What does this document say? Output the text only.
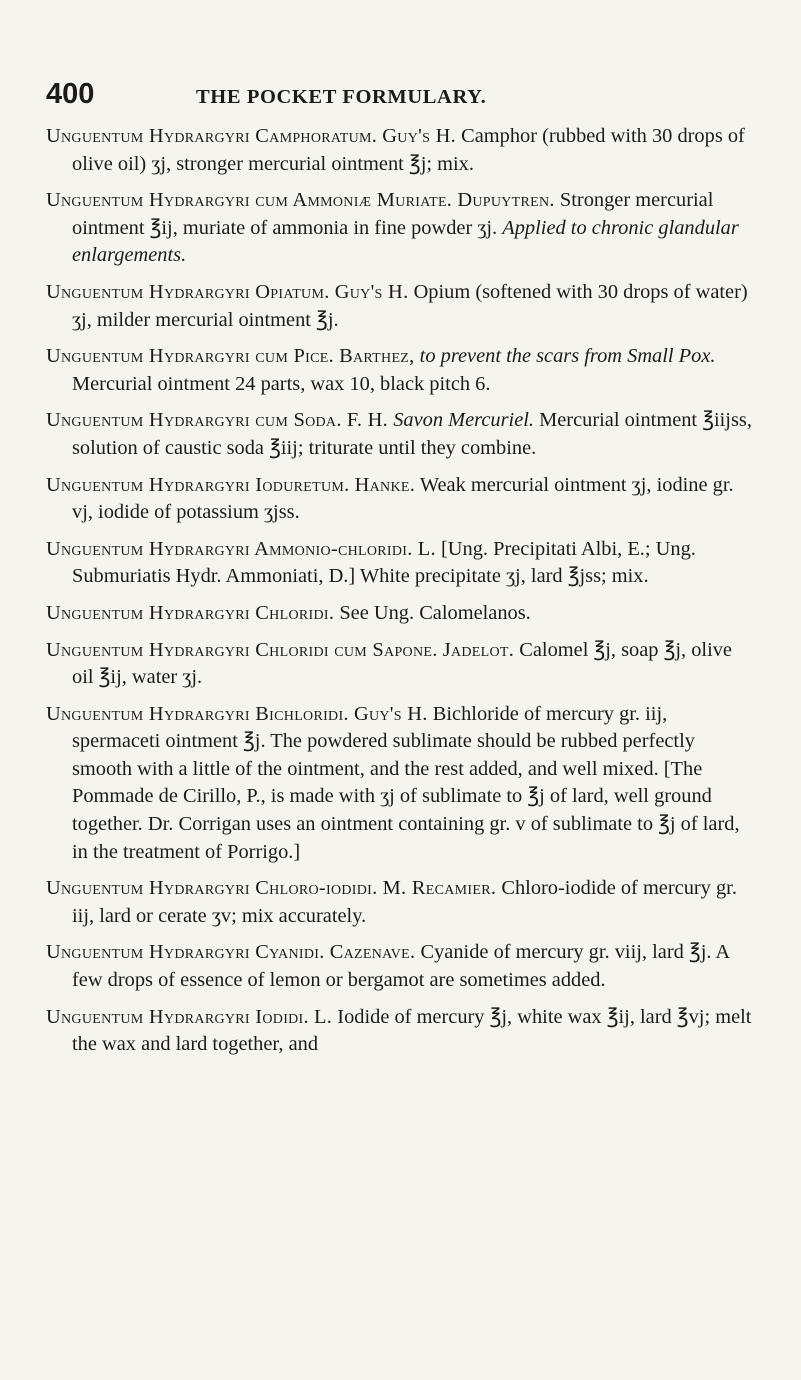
400	THE POCKET FORMULARY.

Unguentum Hydrargyri Camphoratum. Guy's H. Camphor (rubbed with 30 drops of olive oil) ʒj, stronger mercurial ointment ℥j; mix.

Unguentum Hydrargyri cum Ammoniæ Muriate. Dupuytren. Stronger mercurial ointment ℥ij, muriate of ammonia in fine powder ʒj. Applied to chronic glandular enlargements.

Unguentum Hydrargyri Opiatum. Guy's H. Opium (softened with 30 drops of water) ʒj, milder mercurial ointment ℥j.

Unguentum Hydrargyri cum Pice. Barthez, to prevent the scars from Small Pox. Mercurial ointment 24 parts, wax 10, black pitch 6.

Unguentum Hydrargyri cum Soda. F. H. Savon Mercuriel. Mercurial ointment ℥iijss, solution of caustic soda ℥iij; triturate until they combine.

Unguentum Hydrargyri Ioduretum. Hanke. Weak mercurial ointment ʒj, iodine gr. vj, iodide of potassium ʒjss.

Unguentum Hydrargyri Ammonio-chloridi. L. [Ung. Precipitati Albi, E.; Ung. Submuriatis Hydr. Ammoniati, D.] White precipitate ʒj, lard ℥jss; mix.

Unguentum Hydrargyri Chloridi. See Ung. Calomelanos.

Unguentum Hydrargyri Chloridi cum Sapone. Jadelot. Calomel ℥j, soap ℥j, olive oil ℥ij, water ʒj.

Unguentum Hydrargyri Bichloridi. Guy's H. Bichloride of mercury gr. iij, spermaceti ointment ℥j. The powdered sublimate should be rubbed perfectly smooth with a little of the ointment, and the rest added, and well mixed. [The Pommade de Cirillo, P., is made with ʒj of sublimate to ℥j of lard, well ground together. Dr. Corrigan uses an ointment containing gr. v of sublimate to ℥j of lard, in the treatment of Porrigo.]

Unguentum Hydrargyri Chloro-iodidi. M. Recamier. Chloro-iodide of mercury gr. iij, lard or cerate ʒv; mix accurately.

Unguentum Hydrargyri Cyanidi. Cazenave. Cyanide of mercury gr. viij, lard ℥j. A few drops of essence of lemon or bergamot are sometimes added.

Unguentum Hydrargyri Iodidi. L. Iodide of mercury ℥j, white wax ℥ij, lard ℥vj; melt the wax and lard together, and
